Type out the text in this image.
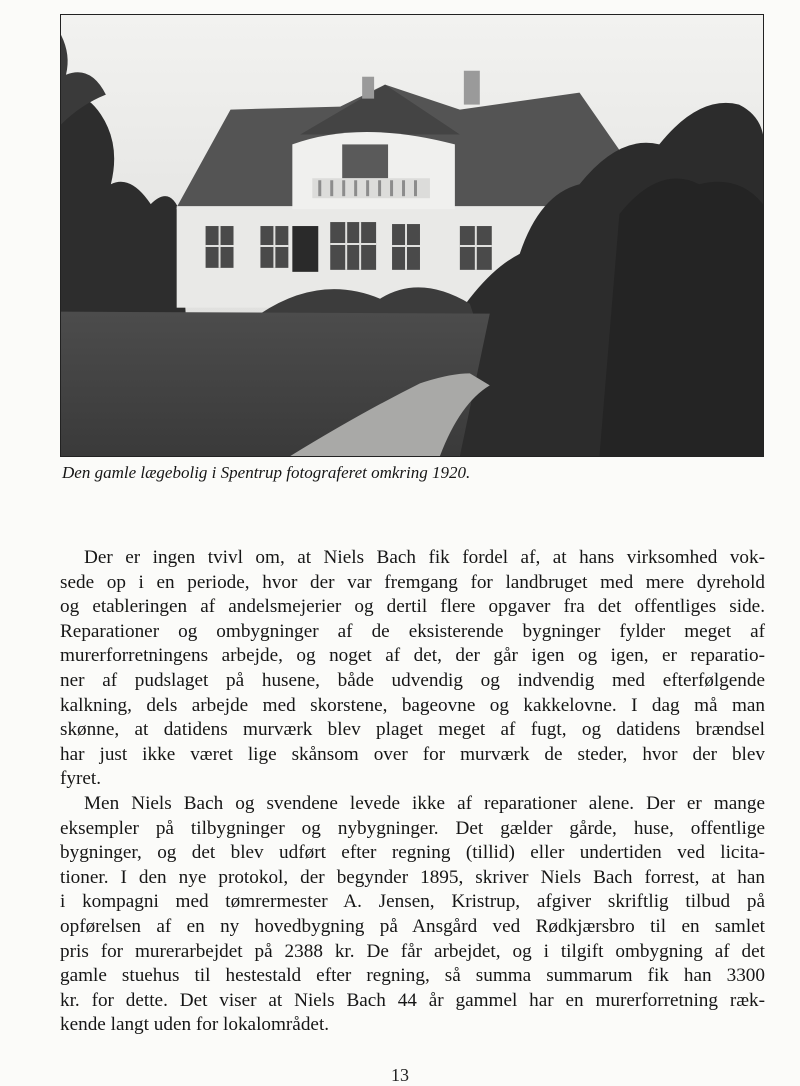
Den gamle lægebolig i Spentrup fotograferet omkring 1920.

Der er ingen tvivl om, at Niels Bach fik fordel af, at hans virksomhed vok-
sede op i en periode, hvor der var fremgang for landbruget med mere dyrehold
og etableringen af andelsmejerier og dertil flere opgaver fra det offentliges side.
Reparationer og ombygninger af de eksisterende bygninger fylder meget af
murerforretningens arbejde, og noget af det, der går igen og igen, er reparatio-
ner af pudslaget på husene, både udvendig og indvendig med efterfølgende
kalkning, dels arbejde med skorstene, bageovne og kakkelovne. I dag må man
skønne, at datidens murværk blev plaget meget af fugt, og datidens brændsel
har just ikke været lige skånsom over for murværk de steder, hvor der blev
fyret.

Men Niels Bach og svendene levede ikke af reparationer alene. Der er mange
eksempler på tilbygninger og nybygninger. Det gælder gårde, huse, offentlige
bygninger, og det blev udført efter regning (tillid) eller undertiden ved licita-
tioner. I den nye protokol, der begynder 1895, skriver Niels Bach forrest, at han
i kompagni med tømrermester A. Jensen, Kristrup, afgiver skriftlig tilbud på
opførelsen af en ny hovedbygning på Ansgård ved Rødkjærsbro til en samlet
pris for murerarbejdet på 2388 kr. De får arbejdet, og i tilgift ombygning af det
gamle stuehus til hestestald efter regning, så summa summarum fik han 3300
kr. for dette. Det viser at Niels Bach 44 år gammel har en murerforretning ræk-
kende langt uden for lokalområdet.

13
